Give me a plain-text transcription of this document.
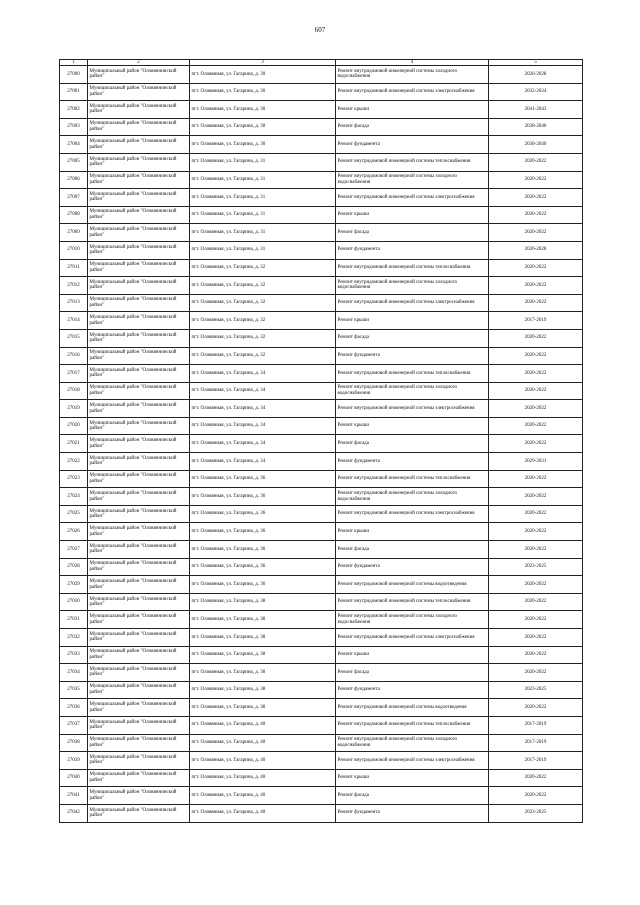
607
1	2	3	4	5
27000	Муниципальный район "Оловяннинский район"	пгт. Оловянная, ул. Гагарина, д. 30	Ремонт внутридомовой инженерной системы холодного водоснабжения	2026-2028
27001	Муниципальный район "Оловяннинский район"	пгт. Оловянная, ул. Гагарина, д. 30	Ремонт внутридомовой инженерной системы электроснабжения	2032-2034
27002	Муниципальный район "Оловяннинский район"	пгт. Оловянная, ул. Гагарина, д. 30	Ремонт крыши	2041-2043
27003	Муниципальный район "Оловяннинский район"	пгт. Оловянная, ул. Гагарина, д. 30	Ремонт фасада	2038-2040
27004	Муниципальный район "Оловяннинский район"	пгт. Оловянная, ул. Гагарина, д. 30	Ремонт фундамента	2038-2040
27005	Муниципальный район "Оловяннинский район"	пгт. Оловянная, ул. Гагарина, д. 31	Ремонт внутридомовой инженерной системы теплоснабжения	2020-2022
27006	Муниципальный район "Оловяннинский район"	пгт. Оловянная, ул. Гагарина, д. 31	Ремонт внутридомовой инженерной системы холодного водоснабжения	2020-2022
27007	Муниципальный район "Оловяннинский район"	пгт. Оловянная, ул. Гагарина, д. 31	Ремонт внутридомовой инженерной системы электроснабжения	2020-2022
27008	Муниципальный район "Оловяннинский район"	пгт. Оловянная, ул. Гагарина, д. 31	Ремонт крыши	2020-2022
27009	Муниципальный район "Оловяннинский район"	пгт. Оловянная, ул. Гагарина, д. 31	Ремонт фасада	2020-2022
27010	Муниципальный район "Оловяннинский район"	пгт. Оловянная, ул. Гагарина, д. 31	Ремонт фундамента	2026-2028
27011	Муниципальный район "Оловяннинский район"	пгт. Оловянная, ул. Гагарина, д. 32	Ремонт внутридомовой инженерной системы теплоснабжения	2020-2022
27012	Муниципальный район "Оловяннинский район"	пгт. Оловянная, ул. Гагарина, д. 32	Ремонт внутридомовой инженерной системы холодного водоснабжения	2020-2022
27013	Муниципальный район "Оловяннинский район"	пгт. Оловянная, ул. Гагарина, д. 32	Ремонт внутридомовой инженерной системы электроснабжения	2020-2022
27014	Муниципальный район "Оловяннинский район"	пгт. Оловянная, ул. Гагарина, д. 32	Ремонт крыши	2017-2019
27015	Муниципальный район "Оловяннинский район"	пгт. Оловянная, ул. Гагарина, д. 32	Ремонт фасада	2020-2022
27016	Муниципальный район "Оловяннинский район"	пгт. Оловянная, ул. Гагарина, д. 32	Ремонт фундамента	2020-2022
27017	Муниципальный район "Оловяннинский район"	пгт. Оловянная, ул. Гагарина, д. 34	Ремонт внутридомовой инженерной системы теплоснабжения	2020-2022
27018	Муниципальный район "Оловяннинский район"	пгт. Оловянная, ул. Гагарина, д. 34	Ремонт внутридомовой инженерной системы холодного водоснабжения	2020-2022
27019	Муниципальный район "Оловяннинский район"	пгт. Оловянная, ул. Гагарина, д. 34	Ремонт внутридомовой инженерной системы электроснабжения	2020-2022
27020	Муниципальный район "Оловяннинский район"	пгт. Оловянная, ул. Гагарина, д. 34	Ремонт крыши	2020-2022
27021	Муниципальный район "Оловяннинский район"	пгт. Оловянная, ул. Гагарина, д. 34	Ремонт фасада	2020-2022
27022	Муниципальный район "Оловяннинский район"	пгт. Оловянная, ул. Гагарина, д. 34	Ремонт фундамента	2029-2031
27023	Муниципальный район "Оловяннинский район"	пгт. Оловянная, ул. Гагарина, д. 36	Ремонт внутридомовой инженерной системы теплоснабжения	2020-2022
27024	Муниципальный район "Оловяннинский район"	пгт. Оловянная, ул. Гагарина, д. 36	Ремонт внутридомовой инженерной системы холодного водоснабжения	2020-2022
27025	Муниципальный район "Оловяннинский район"	пгт. Оловянная, ул. Гагарина, д. 36	Ремонт внутридомовой инженерной системы электроснабжения	2020-2022
27026	Муниципальный район "Оловяннинский район"	пгт. Оловянная, ул. Гагарина, д. 36	Ремонт крыши	2020-2022
27027	Муниципальный район "Оловяннинский район"	пгт. Оловянная, ул. Гагарина, д. 36	Ремонт фасада	2020-2022
27028	Муниципальный район "Оловяннинский район"	пгт. Оловянная, ул. Гагарина, д. 36	Ремонт фундамента	2023-2025
27029	Муниципальный район "Оловяннинский район"	пгт. Оловянная, ул. Гагарина, д. 36	Ремонт внутридомовой инженерной системы водоотведения	2020-2022
27030	Муниципальный район "Оловяннинский район"	пгт. Оловянная, ул. Гагарина, д. 38	Ремонт внутридомовой инженерной системы теплоснабжения	2020-2022
27031	Муниципальный район "Оловяннинский район"	пгт. Оловянная, ул. Гагарина, д. 38	Ремонт внутридомовой инженерной системы холодного водоснабжения	2020-2022
27032	Муниципальный район "Оловяннинский район"	пгт. Оловянная, ул. Гагарина, д. 38	Ремонт внутридомовой инженерной системы электроснабжения	2020-2022
27033	Муниципальный район "Оловяннинский район"	пгт. Оловянная, ул. Гагарина, д. 38	Ремонт крыши	2020-2022
27034	Муниципальный район "Оловяннинский район"	пгт. Оловянная, ул. Гагарина, д. 38	Ремонт фасада	2020-2022
27035	Муниципальный район "Оловяннинский район"	пгт. Оловянная, ул. Гагарина, д. 38	Ремонт фундамента	2023-2025
27036	Муниципальный район "Оловяннинский район"	пгт. Оловянная, ул. Гагарина, д. 38	Ремонт внутридомовой инженерной системы водоотведения	2020-2022
27037	Муниципальный район "Оловяннинский район"	пгт. Оловянная, ул. Гагарина, д. 40	Ремонт внутридомовой инженерной системы теплоснабжения	2017-2019
27038	Муниципальный район "Оловяннинский район"	пгт. Оловянная, ул. Гагарина, д. 40	Ремонт внутридомовой инженерной системы холодного водоснабжения	2017-2019
27039	Муниципальный район "Оловяннинский район"	пгт. Оловянная, ул. Гагарина, д. 40	Ремонт внутридомовой инженерной системы электроснабжения	2017-2019
27040	Муниципальный район "Оловяннинский район"	пгт. Оловянная, ул. Гагарина, д. 40	Ремонт крыши	2020-2022
27041	Муниципальный район "Оловяннинский район"	пгт. Оловянная, ул. Гагарина, д. 40	Ремонт фасада	2020-2022
27042	Муниципальный район "Оловяннинский район"	пгт. Оловянная, ул. Гагарина, д. 40	Ремонт фундамента	2023-2025
